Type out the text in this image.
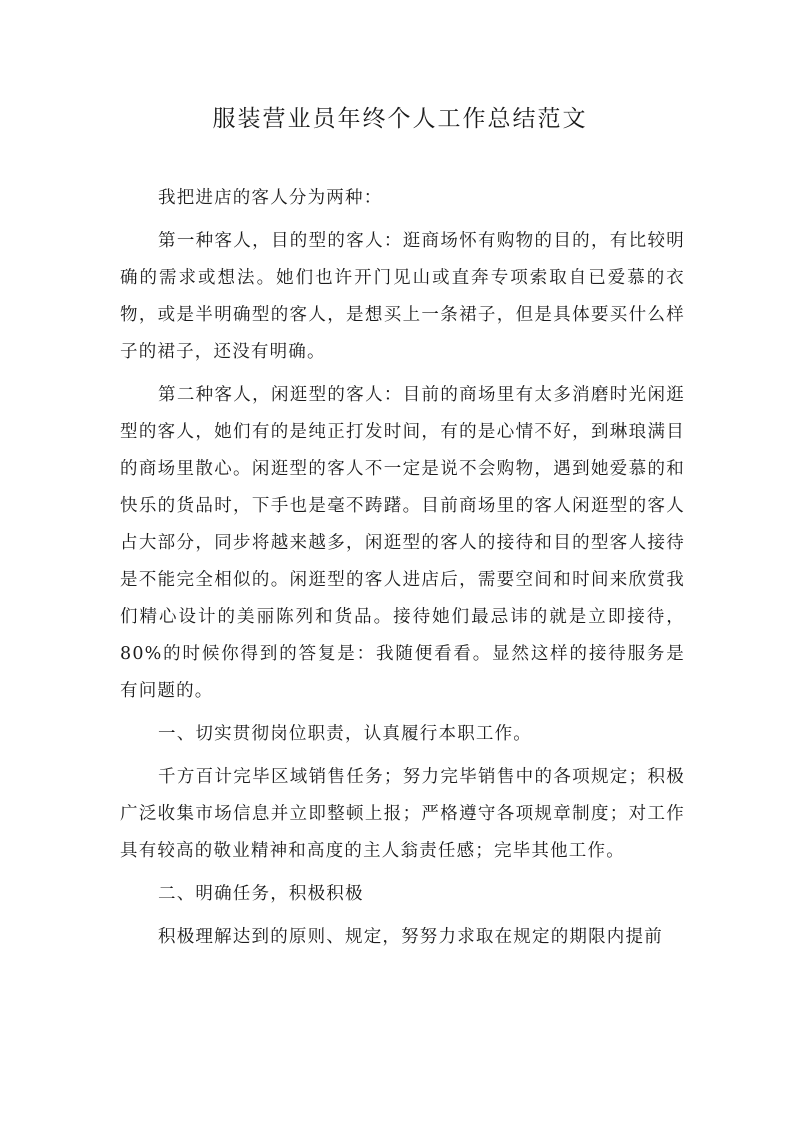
服装营业员年终个人工作总结范文

我把进店的客人分为两种：

第一种客人，目的型的客人：逛商场怀有购物的目的，有比较明确的需求或想法。她们也许开门见山或直奔专项索取自已爱慕的衣物，或是半明确型的客人，是想买上一条裙子，但是具体要买什么样子的裙子，还没有明确。

第二种客人，闲逛型的客人：目前的商场里有太多消磨时光闲逛型的客人，她们有的是纯正打发时间，有的是心情不好，到琳琅满目的商场里散心。闲逛型的客人不一定是说不会购物，遇到她爱慕的和快乐的货品时，下手也是毫不踌躇。目前商场里的客人闲逛型的客人占大部分，同步将越来越多，闲逛型的客人的接待和目的型客人接待是不能完全相似的。闲逛型的客人进店后，需要空间和时间来欣赏我们精心设计的美丽陈列和货品。接待她们最忌讳的就是立即接待，80%的时候你得到的答复是：我随便看看。显然这样的接待服务是有问题的。

一、切实贯彻岗位职责，认真履行本职工作。

千方百计完毕区域销售任务；努力完毕销售中的各项规定；积极广泛收集市场信息并立即整顿上报；严格遵守各项规章制度；对工作具有较高的敬业精神和高度的主人翁责任感；完毕其他工作。

二、明确任务，积极积极

积极理解达到的原则、规定，努努力求取在规定的期限内提前
